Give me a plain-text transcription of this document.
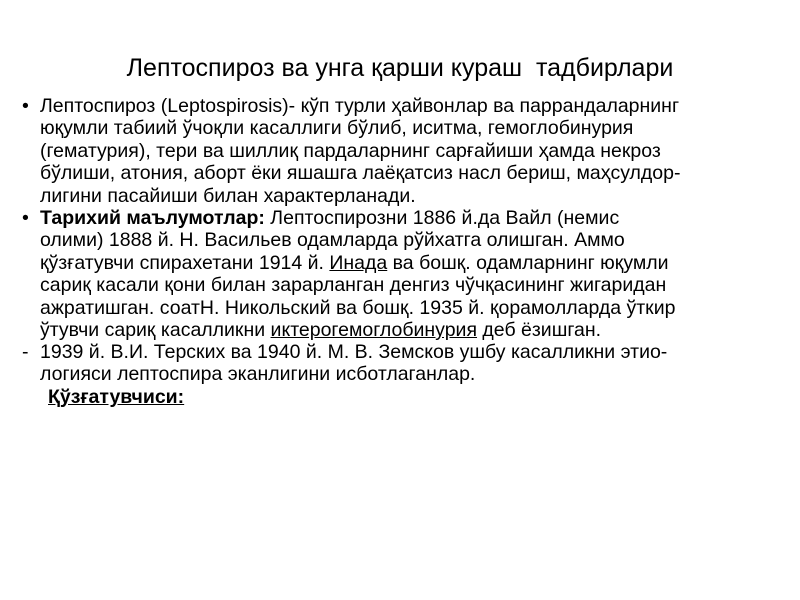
Лептоспироз ва унга қарши кураш  тадбирлари
• Лептоспироз (Leptospirosis)- кўп турли ҳайвонлар ва паррандаларнинг
юқумли табиий ўчоқли касаллиги бўлиб, иситма, гемоглобинурия
(гематурия), тери ва шиллиқ пардаларнинг сарғайиши ҳамда некроз
бўлиши, атония, аборт ёки яшашга лаёқатсиз насл бериш, маҳсулдор-
лигини пасайиши билан характерланади.
• Тарихий маълумотлар: Лептоспирозни 1886 й.да Вайл (немис
олими) 1888 й. Н. Васильев одамларда рўйхатга олишган. Аммо
қўзғатувчи спирахетани 1914 й. Инада ва бошқ. одамларнинг юқумли
сариқ касали қони билан зарарланган денгиз чўчқасининг жигаридан
ажратишган. соатН. Никольский ва бошқ. 1935 й. қорамолларда ўткир
ўтувчи сариқ касалликни иктерогемоглобинурия деб ёзишган.
- 1939 й. В.И. Терских ва 1940 й. М. В. Земсков ушбу касалликни этио-
логияси лептоспира эканлигини исботлаганлар.
Қўзғатувчиси:
